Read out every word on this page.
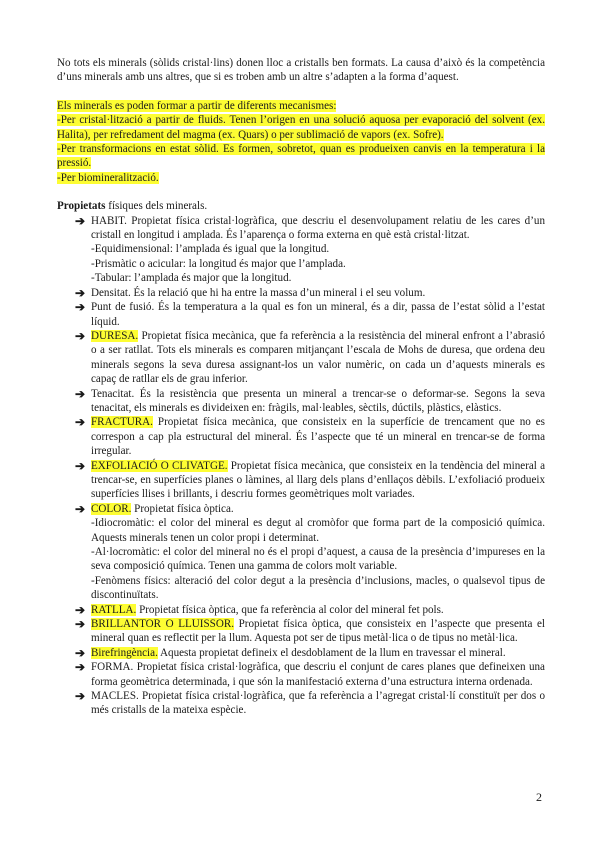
No tots els minerals (sòlids cristal·lins) donen lloc a cristalls ben formats. La causa d’això és la competència d’uns minerals amb uns altres, que si es troben amb un altre s’adapten a la forma d’aquest.

Els minerals es poden formar a partir de diferents mecanismes:

-Per cristal·lització a partir de fluids. Tenen l’origen en una solució aquosa per evaporació del solvent (ex. Halita), per refredament del magma (ex. Quars) o per sublimació de vapors (ex. Sofre).

-Per transformacions en estat sòlid. Es formen, sobretot, quan es produeixen canvis en la temperatura i la pressió.

-Per biomineralització.

Propietats físiques dels minerals.

➔ HABIT. Propietat física cristal·logràfica, que descriu el desenvolupament relatiu de les cares d’un cristall en longitud i amplada. És l’aparença o forma externa en què està cristal·litzat.
-Equidimensional: l’amplada és igual que la longitud.
-Prismàtic o acicular: la longitud és major que l’amplada.
-Tabular: l’amplada és major que la longitud.
➔ Densitat. És la relació que hi ha entre la massa d’un mineral i el seu volum.
➔ Punt de fusió. És la temperatura a la qual es fon un mineral, és a dir, passa de l’estat sòlid a l’estat líquid.
➔ DURESA. Propietat física mecànica, que fa referència a la resistència del mineral enfront a l’abrasió o a ser ratllat. Tots els minerals es comparen mitjançant l’escala de Mohs de duresa, que ordena deu minerals segons la seva duresa assignant-los un valor numèric, on cada un d’aquests minerals es capaç de ratllar els de grau inferior.
➔ Tenacitat. És la resistència que presenta un mineral a trencar-se o deformar-se. Segons la seva tenacitat, els minerals es divideixen en: fràgils, mal·leables, sèctils, dúctils, plàstics, elàstics.
➔ FRACTURA. Propietat física mecànica, que consisteix en la superfície de trencament que no es correspon a cap pla estructural del mineral. És l’aspecte que té un mineral en trencar-se de forma irregular.
➔ EXFOLIACIÓ O CLIVATGE. Propietat física mecànica, que consisteix en la tendència del mineral a trencar-se, en superfícies planes o làmines, al llarg dels plans d’enllaços dèbils. L’exfoliació produeix superfícies llises i brillants, i descriu formes geomètriques molt variades.
➔ COLOR. Propietat física òptica.
-Idiocromàtic: el color del mineral es degut al cromòfor que forma part de la composició química. Aquests minerals tenen un color propi i determinat.
-Al·locromàtic: el color del mineral no és el propi d’aquest, a causa de la presència d’impureses en la seva composició química. Tenen una gamma de colors molt variable.
-Fenòmens físics: alteració del color degut a la presència d’inclusions, macles, o qualsevol tipus de discontinuïtats.
➔ RATLLA. Propietat física òptica, que fa referència al color del mineral fet pols.
➔ BRILLANTOR O LLUISSOR. Propietat física òptica, que consisteix en l’aspecte que presenta el mineral quan es reflectit per la llum. Aquesta pot ser de tipus metàl·lica o de tipus no metàl·lica.
➔ Birefringència. Aquesta propietat defineix el desdoblament de la llum en travessar el mineral.
➔ FORMA. Propietat física cristal·logràfica, que descriu el conjunt de cares planes que defineixen una forma geomètrica determinada, i que són la manifestació externa d’una estructura interna ordenada.
➔ MACLES. Propietat física cristal·logràfica, que fa referència a l’agregat cristal·lí constituït per dos o més cristalls de la mateixa espècie.
2
